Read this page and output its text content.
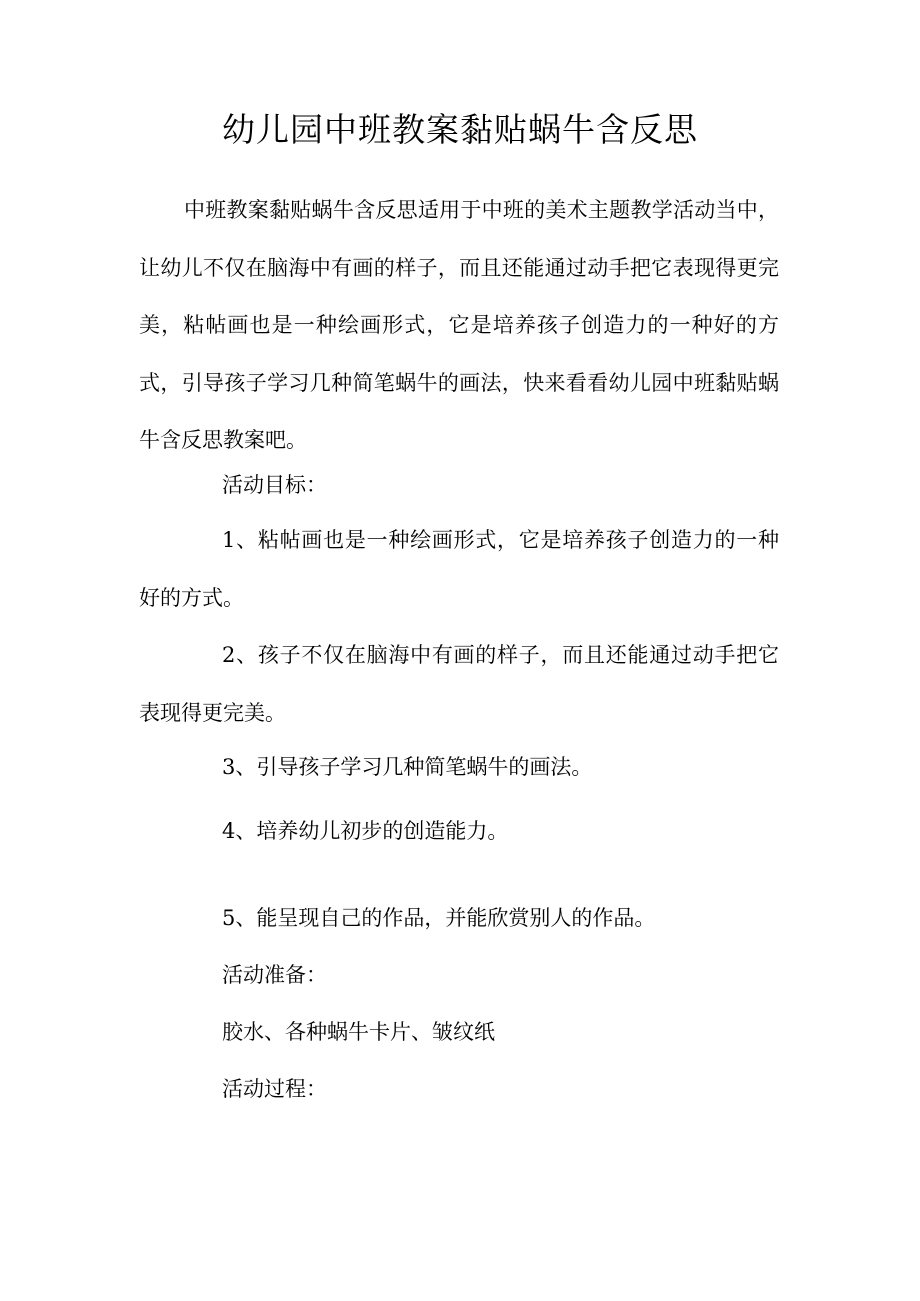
幼儿园中班教案黏贴蜗牛含反思
中班教案黏贴蜗牛含反思适用于中班的美术主题教学活动当中，让幼儿不仅在脑海中有画的样子，而且还能通过动手把它表现得更完美，粘帖画也是一种绘画形式，它是培养孩子创造力的一种好的方式，引导孩子学习几种简笔蜗牛的画法，快来看看幼儿园中班黏贴蜗牛含反思教案吧。
活动目标：
1、粘帖画也是一种绘画形式，它是培养孩子创造力的一种好的方式。
2、孩子不仅在脑海中有画的样子，而且还能通过动手把它表现得更完美。
3、引导孩子学习几种简笔蜗牛的画法。
4、培养幼儿初步的创造能力。
5、能呈现自己的作品，并能欣赏别人的作品。
活动准备：
胶水、各种蜗牛卡片、皱纹纸
活动过程：
